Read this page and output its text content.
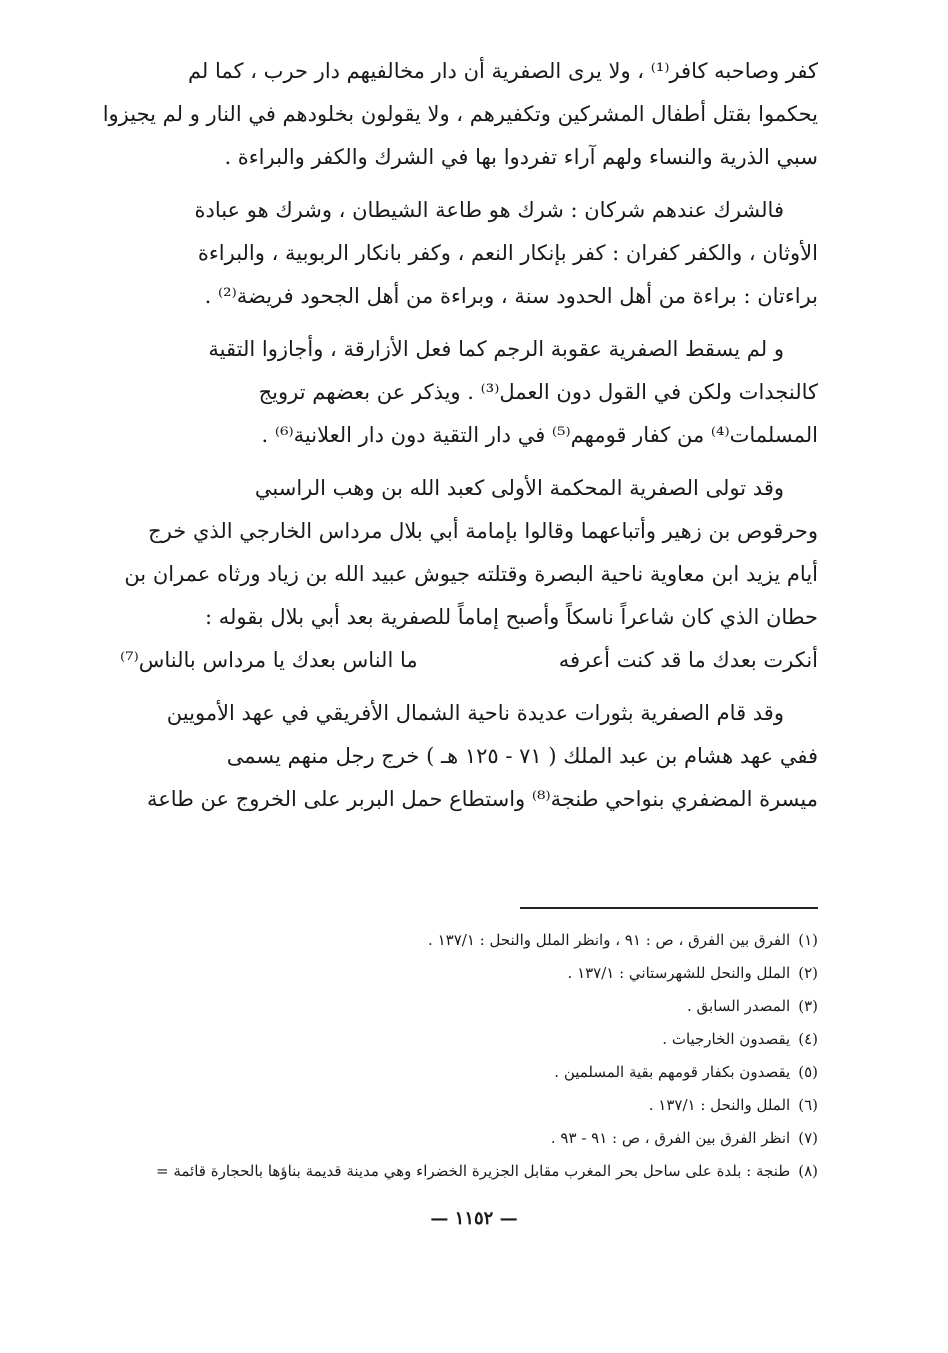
كفر وصاحبه كافر⁽¹⁾ ، ولا يرى الصفرية أن دار مخالفيهم دار حرب ، كما لم
يحكموا بقتل أطفال المشركين وتكفيرهم ، ولا يقولون بخلودهم في النار و لم يجيزوا
سبي الذرية والنساء ولهم آراء تفردوا بها في الشرك والكفر والبراءة .

فالشرك عندهم شركان : شرك هو طاعة الشيطان ، وشرك هو عبادة
الأوثان ، والكفر كفران : كفر بإنكار النعم ، وكفر بانكار الربوبية ، والبراءة
براءتان : براءة من أهل الحدود سنة ، وبراءة من أهل الجحود فريضة⁽²⁾ .

و لم يسقط الصفرية عقوبة الرجم كما فعل الأزارقة ، وأجازوا التقية
كالنجدات ولكن في القول دون العمل⁽³⁾ . ويذكر عن بعضهم ترويج
المسلمات⁽⁴⁾ من كفار قومهم⁽⁵⁾ في دار التقية دون دار العلانية⁽⁶⁾ .

وقد تولى الصفرية المحكمة الأولى كعبد الله بن وهب الراسبي
وحرقوص بن زهير وأتباعهما وقالوا بإمامة أبي بلال مرداس الخارجي الذي خرج
أيام يزيد ابن معاوية ناحية البصرة وقتلته جيوش عبيد الله بن زياد ورثاه عمران بن
حطان الذي كان شاعراً ناسكاً وأصبح إماماً للصفرية بعد أبي بلال بقوله :

أنكرت بعدك ما قد كنت أعرفه
ما الناس بعدك يا مرداس بالناس⁽⁷⁾

وقد قام الصفرية بثورات عديدة ناحية الشمال الأفريقي في عهد الأمويين
ففي عهد هشام بن عبد الملك ( ٧١ - ١٢٥ هـ ) خرج رجل منهم يسمى
ميسرة المضفري بنواحي طنجة⁽⁸⁾ واستطاع حمل البربر على الخروج عن طاعة

(١)الفرق بين الفرق ، ص : ٩١ ، وانظر الملل والنحل : ١٣٧/١ .
(٢)الملل والنحل للشهرستاني : ١٣٧/١ .
(٣)المصدر السابق .
(٤)يقصدون الخارجيات .
(٥)يقصدون بكفار قومهم بقية المسلمين .
(٦)الملل والنحل : ١٣٧/١ .
(٧)انظر الفرق بين الفرق ، ص : ٩١ - ٩٣ .
(٨)طنجة : بلدة على ساحل بحر المغرب مقابل الجزيرة الخضراء وهي مدينة قديمة بناؤها بالحجارة قائمة =
— ١١٥٢ —
